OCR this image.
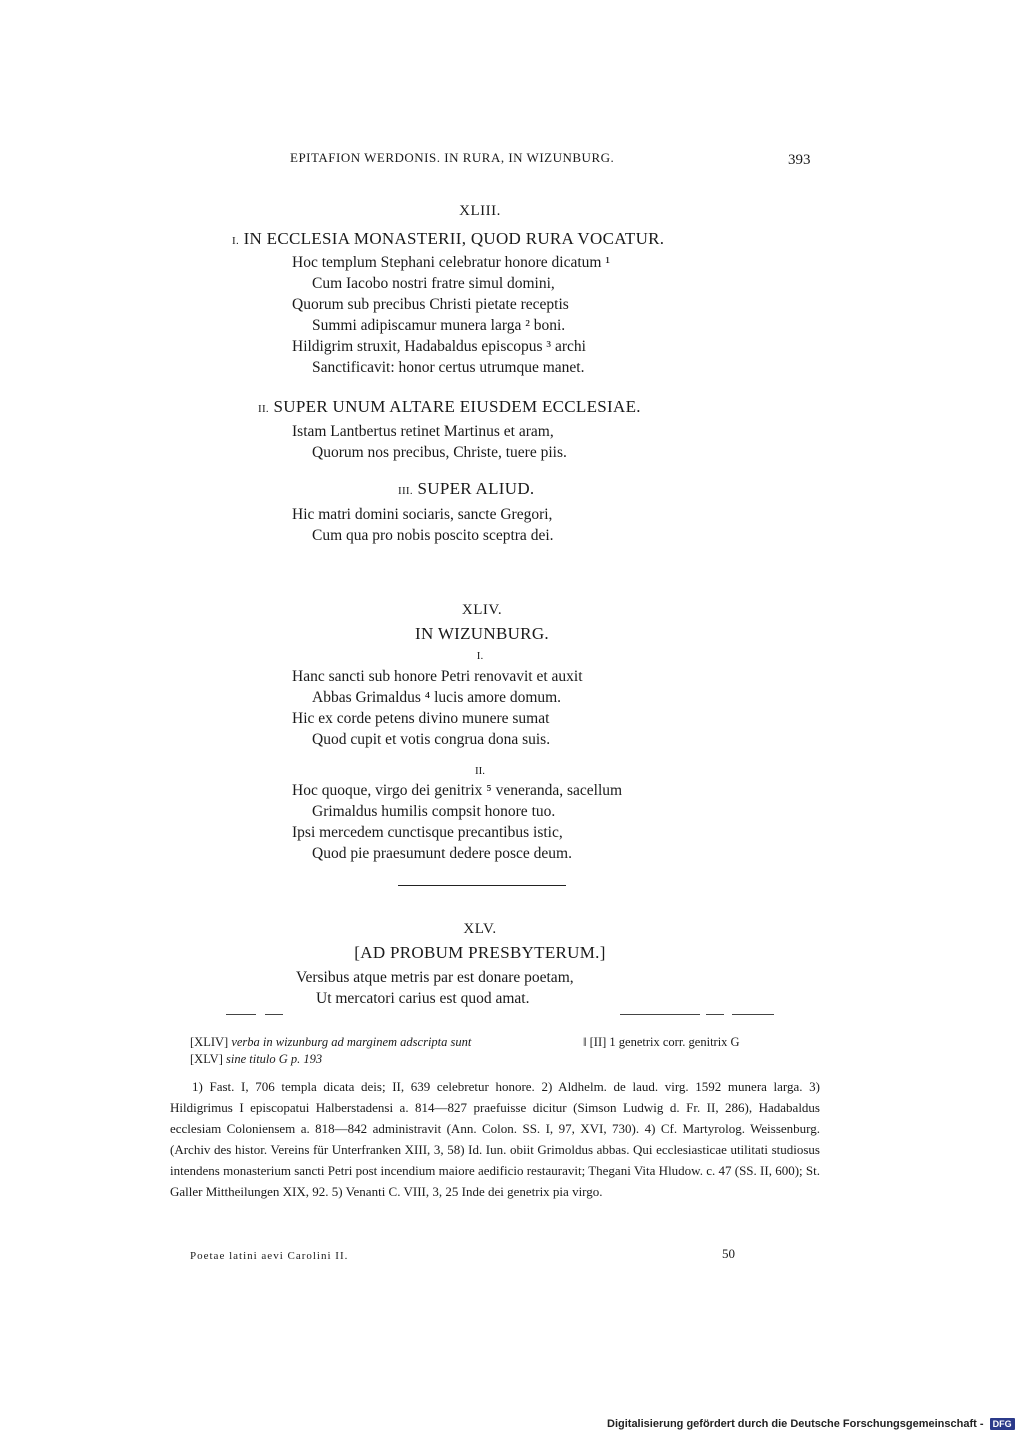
EPITAFION WERDONIS. IN RURA, IN WIZUNBURG.	393
XLIII.
I. IN ECCLESIA MONASTERII, QUOD RURA VOCATUR.
Hoc templum Stephani celebratur honore dicatum ¹
Cum Iacobo nostri fratre simul domini,
Quorum sub precibus Christi pietate receptis
Summi adipiscamur munera larga ² boni.
Hildigrim struxit, Hadabaldus episcopus ³ archi
Sanctificavit: honor certus utrumque manet.
II. SUPER UNUM ALTARE EIUSDEM ECCLESIAE.
Istam Lantbertus retinet Martinus et aram,
Quorum nos precibus, Christe, tuere piis.
III. SUPER ALIUD.
Hic matri domini sociaris, sancte Gregori,
Cum qua pro nobis poscito sceptra dei.
XLIV.
IN WIZUNBURG.
I.
Hanc sancti sub honore Petri renovavit et auxit
Abbas Grimaldus ⁴ lucis amore domum.
Hic ex corde petens divino munere sumat
Quod cupit et votis congrua dona suis.
II.
Hoc quoque, virgo dei genitrix ⁵ veneranda, sacellum
Grimaldus humilis compsit honore tuo.
Ipsi mercedem cunctisque precantibus istic,
Quod pie praesumunt dedere posce deum.
XLV.
[AD PROBUM PRESBYTERUM.]
Versibus atque metris par est donare poetam,
Ut mercatori carius est quod amat.
[XLIV] verba in wizunburg ad marginem adscripta sunt	‖ [II] 1 genetrix corr. genitrix G
[XLV] sine titulo G p. 193
1) Fast. I, 706 templa dicata deis; II, 639 celebretur honore. 2) Aldhelm. de laud. virg. 1592 munera larga. 3) Hildigrimus I episcopatui Halberstadensi a. 814—827 praefuisse dicitur (Simson Ludwig d. Fr. II, 286), Hadabaldus ecclesiam Coloniensem a. 818—842 administravit (Ann. Colon. SS. I, 97, XVI, 730). 4) Cf. Martyrolog. Weissenburg. (Archiv des histor. Vereins für Unterfranken XIII, 3, 58) Id. Iun. obiit Grimoldus abbas. Qui ecclesiasticae utilitati studiosus intendens monasterium sancti Petri post incendium maiore aedificio restauravit; Thegani Vita Hludow. c. 47 (SS. II, 600); St. Galler Mittheilungen XIX, 92. 5) Venanti C. VIII, 3, 25 Inde dei genetrix pia virgo.
Poetae latini aevi Carolini II.	50
Digitalisierung gefördert durch die Deutsche Forschungsgemeinschaft - DFG
